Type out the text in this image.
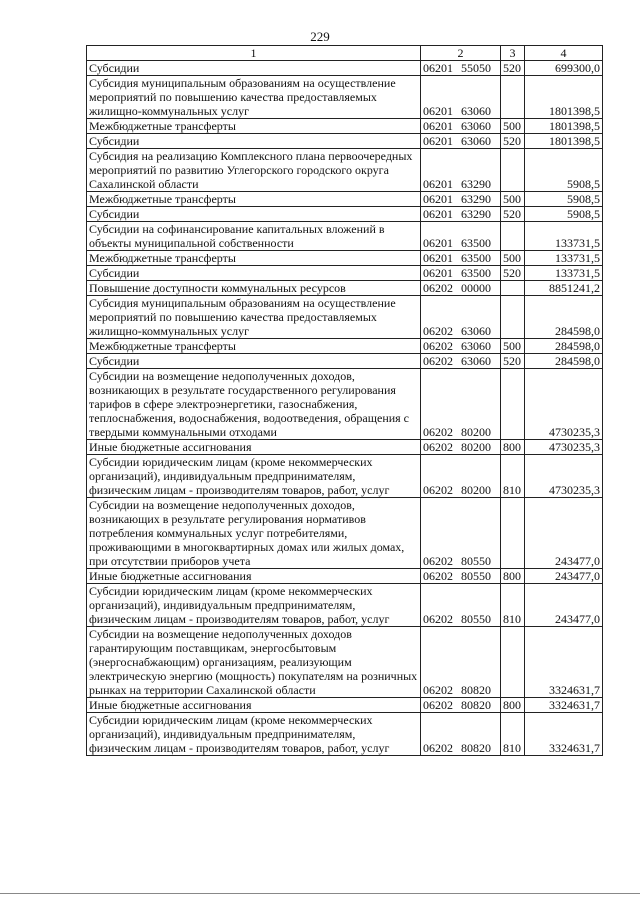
229
1	2	3	4
Субсидии	06201 55050	520	699300,0
Субсидия муниципальным образованиям на осуществление мероприятий по повышению качества предоставляемых жилищно-коммунальных услуг	06201 63060		1801398,5
Межбюджетные трансферты	06201 63060	500	1801398,5
Субсидии	06201 63060	520	1801398,5
Субсидия на реализацию Комплексного плана первоочередных мероприятий по развитию Углегорского городского округа Сахалинской области	06201 63290		5908,5
Межбюджетные трансферты	06201 63290	500	5908,5
Субсидии	06201 63290	520	5908,5
Субсидии на софинансирование капитальных вложений в объекты муниципальной собственности	06201 63500		133731,5
Межбюджетные трансферты	06201 63500	500	133731,5
Субсидии	06201 63500	520	133731,5
Повышение доступности коммунальных ресурсов	06202 00000		8851241,2
Субсидия муниципальным образованиям на осуществление мероприятий по повышению качества предоставляемых жилищно-коммунальных услуг	06202 63060		284598,0
Межбюджетные трансферты	06202 63060	500	284598,0
Субсидии	06202 63060	520	284598,0
Субсидии на возмещение недополученных доходов, возникающих в результате государственного регулирования тарифов в сфере электроэнергетики, газоснабжения, теплоснабжения, водоснабжения, водоотведения, обращения с твердыми коммунальными отходами	06202 80200		4730235,3
Иные бюджетные ассигнования	06202 80200	800	4730235,3
Субсидии юридическим лицам (кроме некоммерческих организаций), индивидуальным предпринимателям, физическим лицам - производителям товаров, работ, услуг	06202 80200	810	4730235,3
Субсидии на возмещение недополученных доходов, возникающих в результате регулирования нормативов потребления коммунальных услуг потребителями, проживающими в многоквартирных домах или жилых домах, при отсутствии приборов учета	06202 80550		243477,0
Иные бюджетные ассигнования	06202 80550	800	243477,0
Субсидии юридическим лицам (кроме некоммерческих организаций), индивидуальным предпринимателям, физическим лицам - производителям товаров, работ, услуг	06202 80550	810	243477,0
Субсидии на возмещение недополученных доходов гарантирующим поставщикам, энергосбытовым (энергоснабжающим) организациям, реализующим электрическую энергию (мощность) покупателям на розничных рынках на территории Сахалинской области	06202 80820		3324631,7
Иные бюджетные ассигнования	06202 80820	800	3324631,7
Субсидии юридическим лицам (кроме некоммерческих организаций), индивидуальным предпринимателям, физическим лицам - производителям товаров, работ, услуг	06202 80820	810	3324631,7
